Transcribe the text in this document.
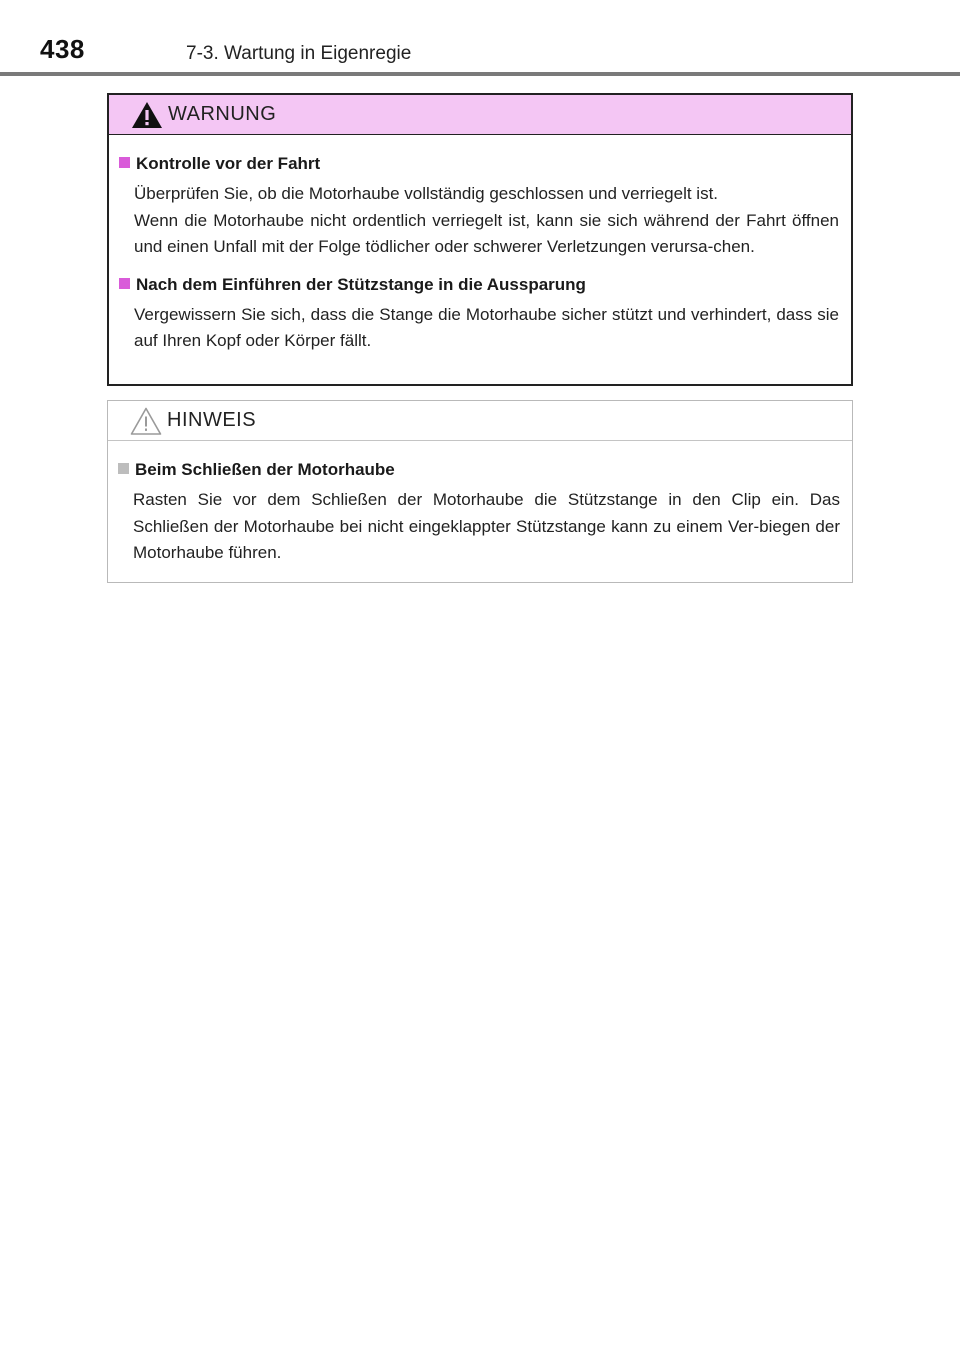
438	7-3. Wartung in Eigenregie
WARNUNG
Kontrolle vor der Fahrt

Überprüfen Sie, ob die Motorhaube vollständig geschlossen und verriegelt ist.

Wenn die Motorhaube nicht ordentlich verriegelt ist, kann sie sich während der Fahrt öffnen und einen Unfall mit der Folge tödlicher oder schwerer Verletzungen verursa-chen.

Nach dem Einführen der Stützstange in die Aussparung

Vergewissern Sie sich, dass die Stange die Motorhaube sicher stützt und verhindert, dass sie auf Ihren Kopf oder Körper fällt.

HINWEIS
Beim Schließen der Motorhaube

Rasten Sie vor dem Schließen der Motorhaube die Stützstange in den Clip ein. Das Schließen der Motorhaube bei nicht eingeklappter Stützstange kann zu einem Ver-biegen der Motorhaube führen.
